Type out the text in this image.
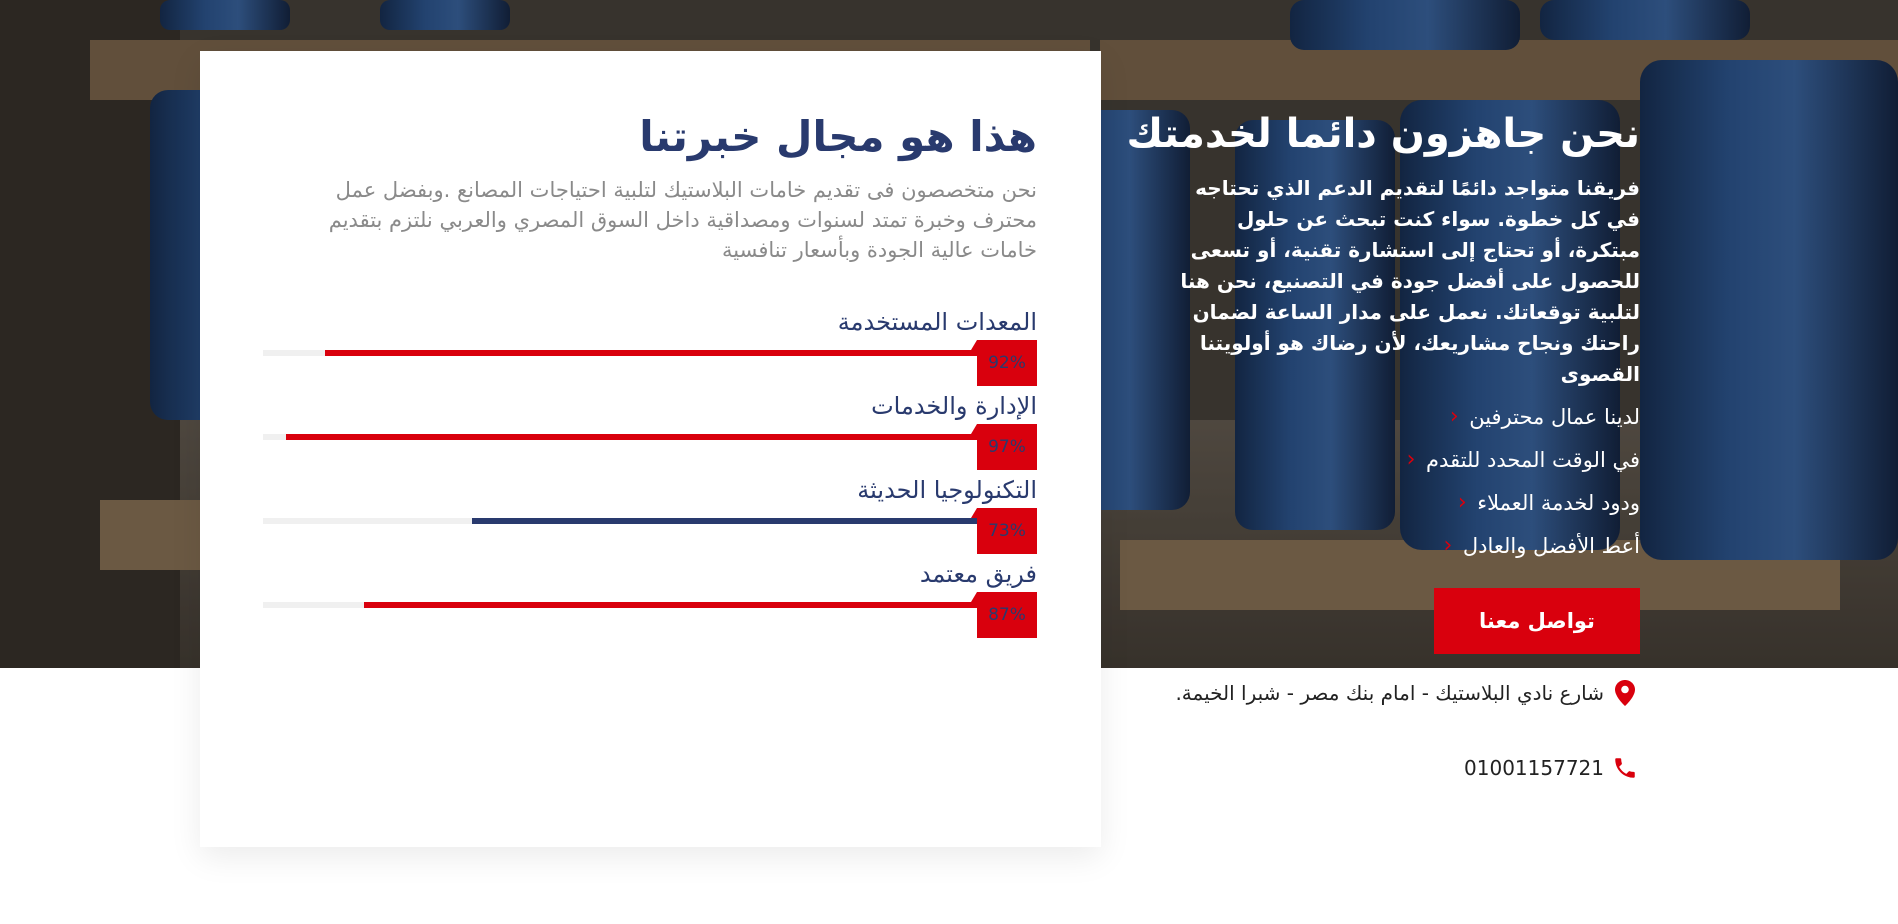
هذا هو مجال خبرتنا

نحن متخصصون فى تقديم خامات البلاستيك لتلبية احتياجات المصانع .وبفضل عمل محترف وخبرة تمتد لسنوات ومصداقية داخل السوق المصري والعربي نلتزم بتقديم خامات عالية الجودة وبأسعار تنافسية

المعدات المستخدمة
92%
الإدارة والخدمات
97%
التكنولوجيا الحديثة
73%
فريق معتمد
87%
نحن جاهزون دائما لخدمتك

فريقنا متواجد دائمًا لتقديم الدعم الذي تحتاجه في كل خطوة. سواء كنت تبحث عن حلول مبتكرة، أو تحتاج إلى استشارة تقنية، أو تسعى للحصول على أفضل جودة في التصنيع، نحن هنا لتلبية توقعاتك. نعمل على مدار الساعة لضمان راحتك ونجاح مشاريعك، لأن رضاك هو أولويتنا القصوى

لدينا عمال محترفين
‹
في الوقت المحدد للتقدم
‹
ودود لخدمة العملاء
‹
أعط الأفضل والعادل
‹
تواصل معنا
شارع نادي البلاستيك - امام بنك مصر - شبرا الخيمة.
01001157721
